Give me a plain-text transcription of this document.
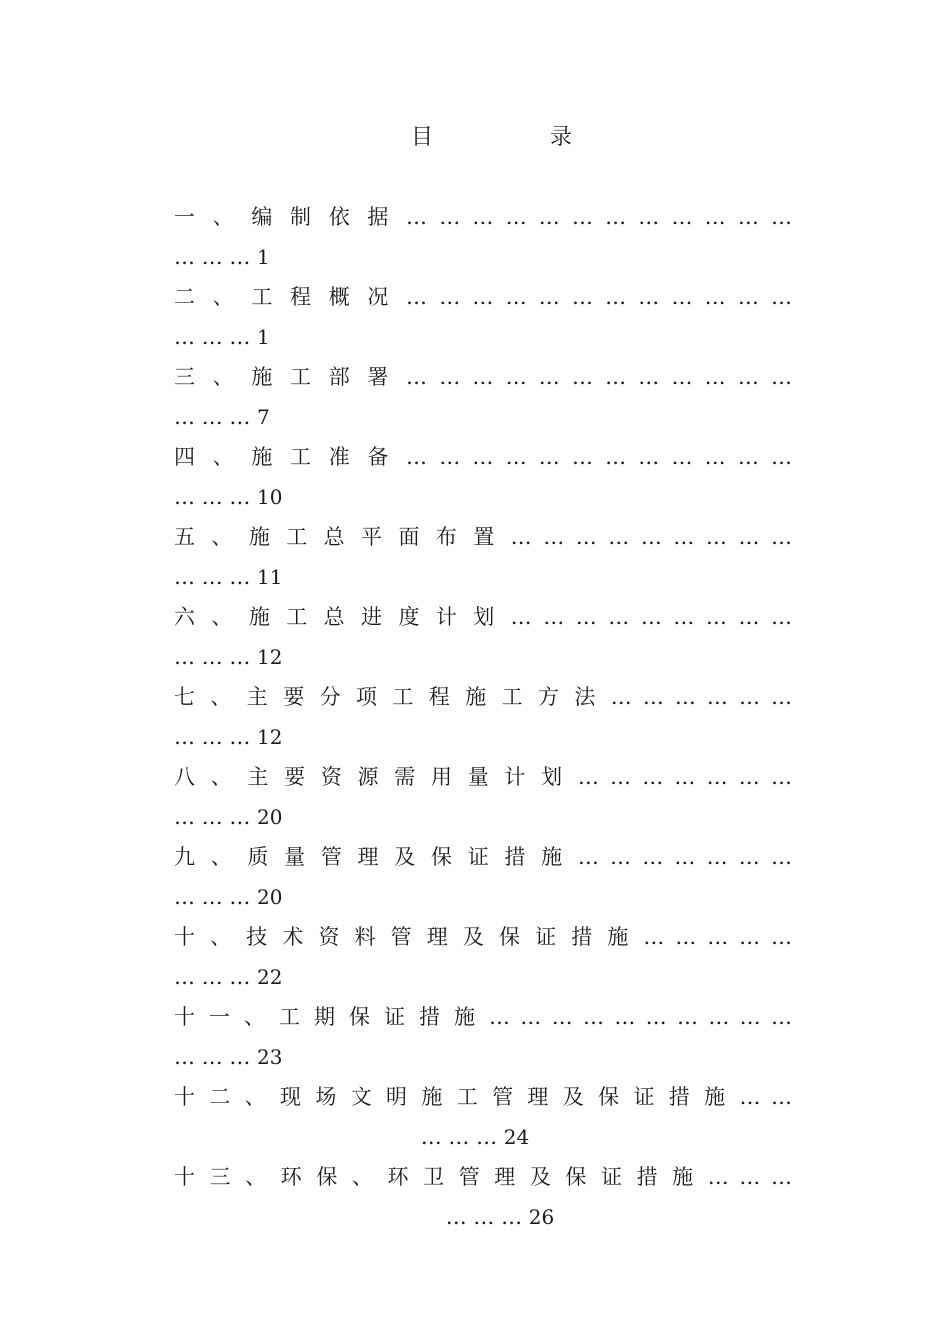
目	录
一 、 编 制 依 据 … … … … … … … … … … … …
… … … 1
二 、 工 程 概 况 … … … … … … … … … … … …
… … … 1
三 、 施 工 部 署 … … … … … … … … … … … …
… … … 7
四 、 施 工 准 备 … … … … … … … … … … … …
… … … 10
五 、 施 工 总 平 面 布 置 … … … … … … … … …
… … … 11
六 、 施 工 总 进 度 计 划 … … … … … … … … …
… … … 12
七 、 主 要 分 项 工 程 施 工 方 法 … … … … … …
… … … 12
八 、 主 要 资 源 需 用 量 计 划 … … … … … … …
… … … 20
九 、 质 量 管 理 及 保 证 措 施 … … … … … … …
… … … 20
十 、 技 术 资 料 管 理 及 保 证 措 施 … … … … …
… … … 22
十 一 、 工 期 保 证 措 施 … … … … … … … … … …
… … … 23
十 二 、 现 场 文 明 施 工 管 理 及 保 证 措 施 … …
… … … 24
十 三 、 环 保 、 环 卫 管 理 及 保 证 措 施 … … …
… … … 26
